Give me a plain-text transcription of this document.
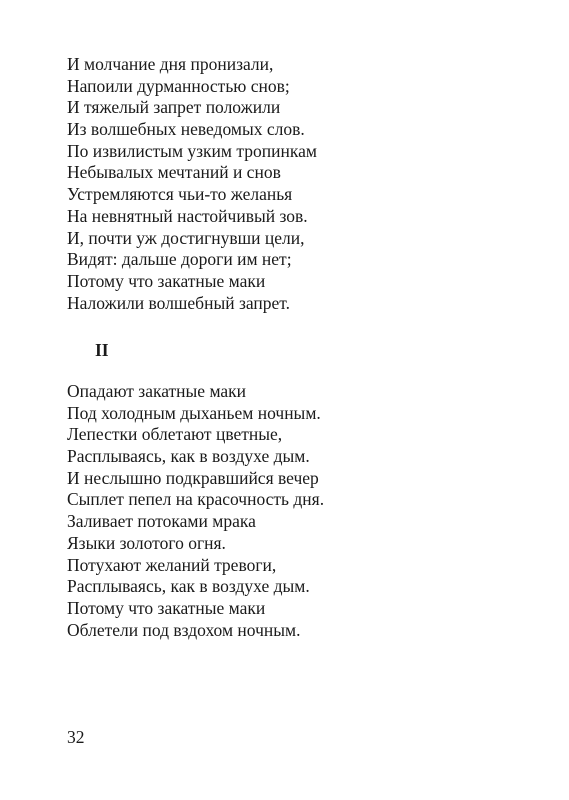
И молчание дня пронизали,
Напоили дурманностью снов;
И тяжелый запрет положили
Из волшебных неведомых слов.
По извилистым узким тропинкам
Небывалых мечтаний и снов
Устремляются чьи-то желанья
На невнятный настойчивый зов.
И, почти уж достигнувши цели,
Видят: дальше дороги им нет;
Потому что закатные маки
Наложили волшебный запрет.
II
Опадают закатные маки
Под холодным дыханьем ночным.
Лепестки облетают цветные,
Расплываясь, как в воздухе дым.
И неслышно подкравшийся вечер
Сыплет пепел на красочность дня.
Заливает потоками мрака
Языки золотого огня.
Потухают желаний тревоги,
Расплываясь, как в воздухе дым.
Потому что закатные маки
Облетели под вздохом ночным.

32
